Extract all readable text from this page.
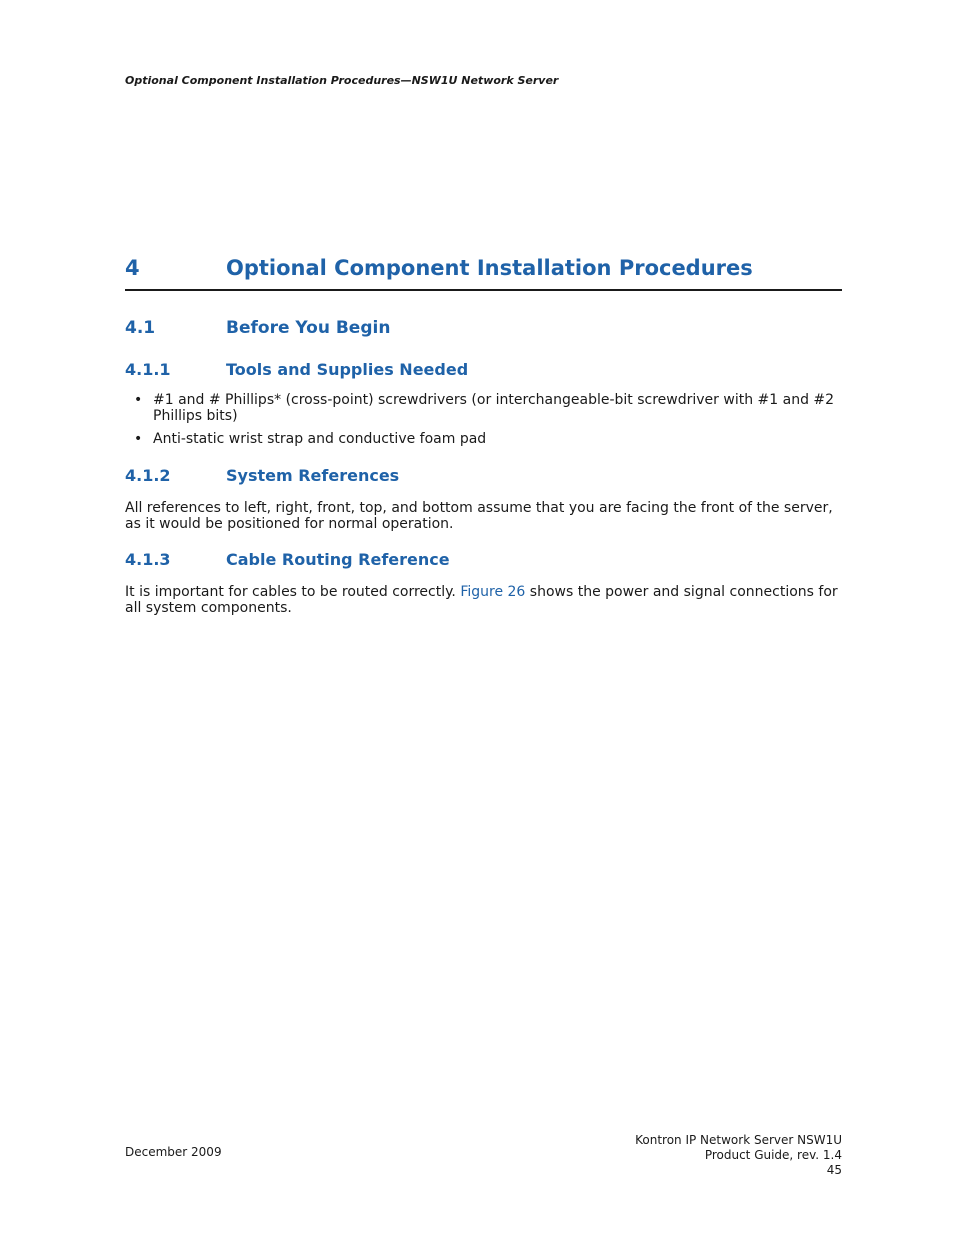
Optional Component Installation Procedures—NSW1U Network Server
4	Optional Component Installation Procedures
4.1	Before You Begin
4.1.1	Tools and Supplies Needed
• #1 and # Phillips* (cross-point) screwdrivers (or interchangeable-bit screwdriver with #1 and #2 Phillips bits)
• Anti-static wrist strap and conductive foam pad
4.1.2	System References

All references to left, right, front, top, and bottom assume that you are facing the front of the server, as it would be positioned for normal operation.

4.1.3	Cable Routing Reference

It is important for cables to be routed correctly. Figure 26 shows the power and signal connections for all system components.

December 2009
Kontron IP Network Server NSW1U
Product Guide, rev. 1.4
45
